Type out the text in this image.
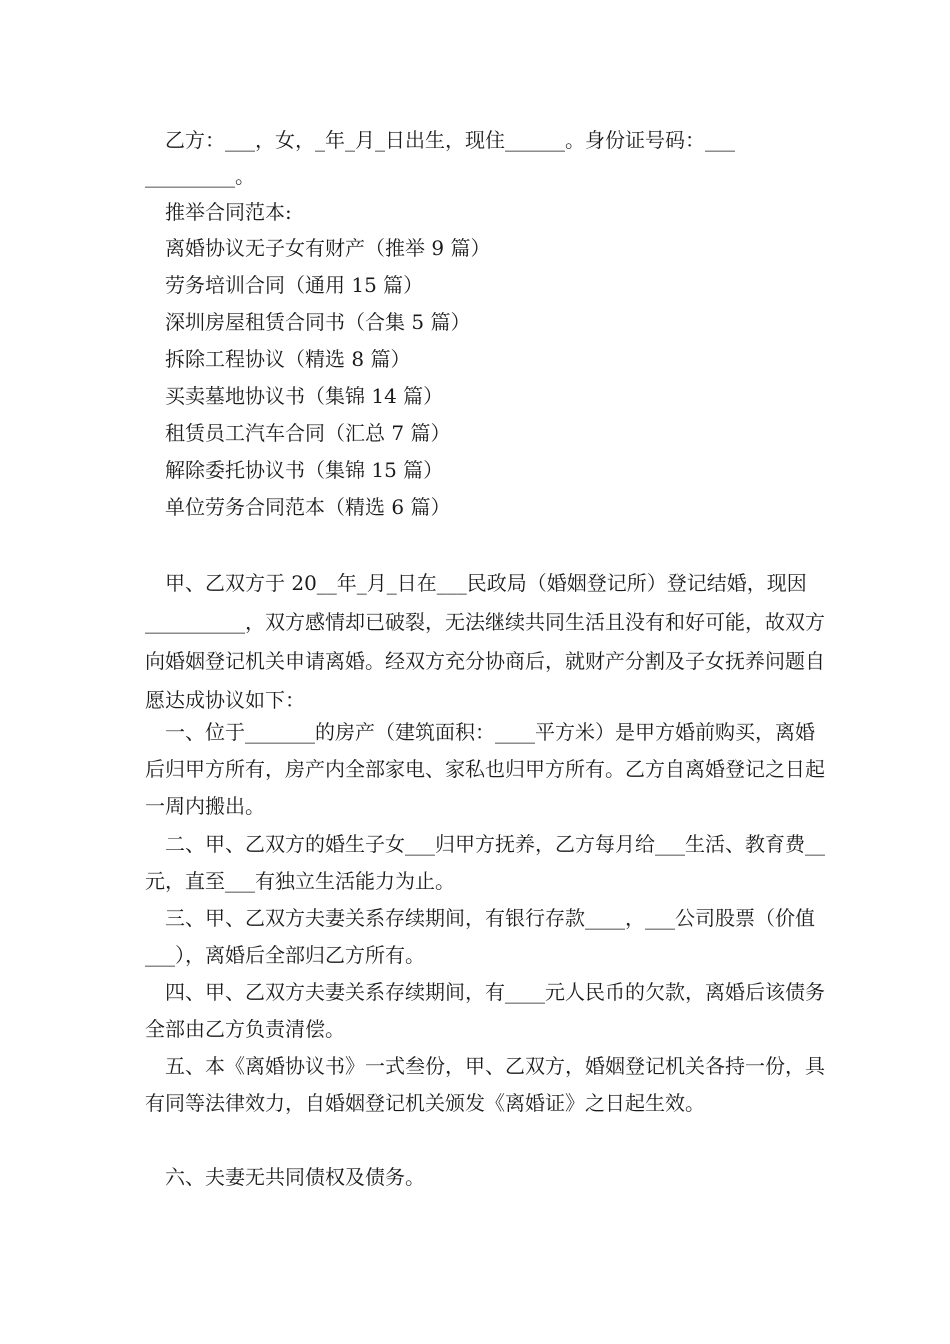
乙方：___，女，_年_月_日出生，现住______。身份证号码：___

_________。

推举合同范本:

离婚协议无子女有财产（推举 9 篇）
劳务培训合同（通用 15 篇）
深圳房屋租赁合同书（合集 5 篇）
拆除工程协议（精选 8 篇）
买卖墓地协议书（集锦 14 篇）
租赁员工汽车合同（汇总 7 篇）
解除委托协议书（集锦 15 篇）
单位劳务合同范本（精选 6 篇）

甲、乙双方于 20__年_月_日在___民政局（婚姻登记所）登记结婚，现因__________，双方感情却已破裂，无法继续共同生活且没有和好可能，故双方向婚姻登记机关申请离婚。经双方充分协商后，就财产分割及子女抚养问题自愿达成协议如下：

一、位于_______的房产（建筑面积：____平方米）是甲方婚前购买，离婚后归甲方所有，房产内全部家电、家私也归甲方所有。乙方自离婚登记之日起一周内搬出。

二、甲、乙双方的婚生子女___归甲方抚养，乙方每月给___生活、教育费__元，直至___有独立生活能力为止。

三、甲、乙双方夫妻关系存续期间，有银行存款____，___公司股票（价值___），离婚后全部归乙方所有。

四、甲、乙双方夫妻关系存续期间，有____元人民币的欠款，离婚后该债务全部由乙方负责清偿。

五、本《离婚协议书》一式叁份，甲、乙双方，婚姻登记机关各持一份，具有同等法律效力，自婚姻登记机关颁发《离婚证》之日起生效。

六、夫妻无共同债权及债务。
